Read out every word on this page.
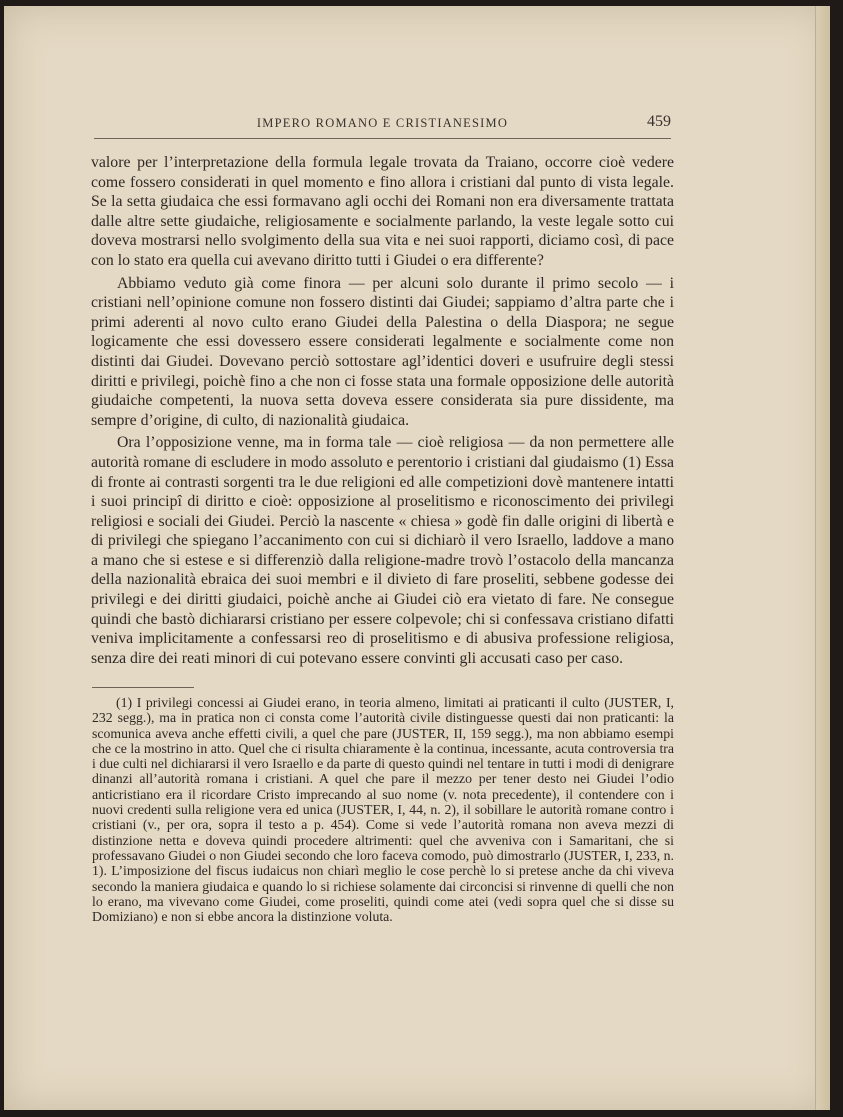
IMPERO ROMANO E CRISTIANESIMO	459

valore per l’interpretazione della formula legale trovata da Traiano, occorre cioè vedere come fossero considerati in quel momento e fino allora i cristiani dal punto di vista legale. Se la setta giudaica che essi formavano agli occhi dei Romani non era diversamente trattata dalle altre sette giudaiche, religiosamente e socialmente parlando, la veste legale sotto cui doveva mostrarsi nello svolgimento della sua vita e nei suoi rapporti, diciamo così, di pace con lo stato era quella cui avevano diritto tutti i Giudei o era differente?

Abbiamo veduto già come finora — per alcuni solo durante il primo secolo — i cristiani nell’opinione comune non fossero distinti dai Giudei; sappiamo d’altra parte che i primi aderenti al novo culto erano Giudei della Palestina o della Diaspora; ne segue logicamente che essi dovessero essere considerati legalmente e socialmente come non distinti dai Giudei. Dovevano perciò sottostare agl’identici doveri e usufruire degli stessi diritti e privilegi, poichè fino a che non ci fosse stata una formale opposizione delle autorità giudaiche competenti, la nuova setta doveva essere considerata sia pure dissidente, ma sempre d’origine, di culto, di nazionalità giudaica.

Ora l’opposizione venne, ma in forma tale — cioè religiosa — da non permettere alle autorità romane di escludere in modo assoluto e perentorio i cristiani dal giudaismo (1) Essa di fronte ai contrasti sorgenti tra le due religioni ed alle competizioni dovè mantenere intatti i suoi principî di diritto e cioè: opposizione al proselitismo e riconoscimento dei privilegi religiosi e sociali dei Giudei. Perciò la nascente « chiesa » godè fin dalle origini di libertà e di privilegi che spiegano l’accanimento con cui si dichiarò il vero Israello, laddove a mano a mano che si estese e si differenziò dalla religione-madre trovò l’ostacolo della mancanza della nazionalità ebraica dei suoi membri e il divieto di fare proseliti, sebbene godesse dei privilegi e dei diritti giudaici, poichè anche ai Giudei ciò era vietato di fare. Ne consegue quindi che bastò dichiararsi cristiano per essere colpevole; chi si confessava cristiano difatti veniva implicitamente a confessarsi reo di proselitismo e di abusiva professione religiosa, senza dire dei reati minori di cui potevano essere convinti gli accusati caso per caso.

(1) I privilegi concessi ai Giudei erano, in teoria almeno, limitati ai praticanti il culto (JUSTER, I, 232 segg.), ma in pratica non ci consta come l’autorità civile distinguesse questi dai non praticanti: la scomunica aveva anche effetti civili, a quel che pare (JUSTER, II, 159 segg.), ma non abbiamo esempi che ce la mostrino in atto. Quel che ci risulta chiaramente è la continua, incessante, acuta controversia tra i due culti nel dichiararsi il vero Israello e da parte di questo quindi nel tentare in tutti i modi di denigrare dinanzi all’autorità romana i cristiani. A quel che pare il mezzo per tener desto nei Giudei l’odio anticristiano era il ricordare Cristo imprecando al suo nome (v. nota precedente), il contendere con i nuovi credenti sulla religione vera ed unica (JUSTER, I, 44, n. 2), il sobillare le autorità romane contro i cristiani (v., per ora, sopra il testo a p. 454). Come si vede l’autorità romana non aveva mezzi di distinzione netta e doveva quindi procedere altrimenti: quel che avveniva con i Samaritani, che si professavano Giudei o non Giudei secondo che loro faceva comodo, può dimostrarlo (JUSTER, I, 233, n. 1). L’imposizione del fiscus iudaicus non chiarì meglio le cose perchè lo si pretese anche da chi viveva secondo la maniera giudaica e quando lo si richiese solamente dai circoncisi si rinvenne di quelli che non lo erano, ma vivevano come Giudei, come proseliti, quindi come atei (vedi sopra quel che si disse su Domiziano) e non si ebbe ancora la distinzione voluta.
